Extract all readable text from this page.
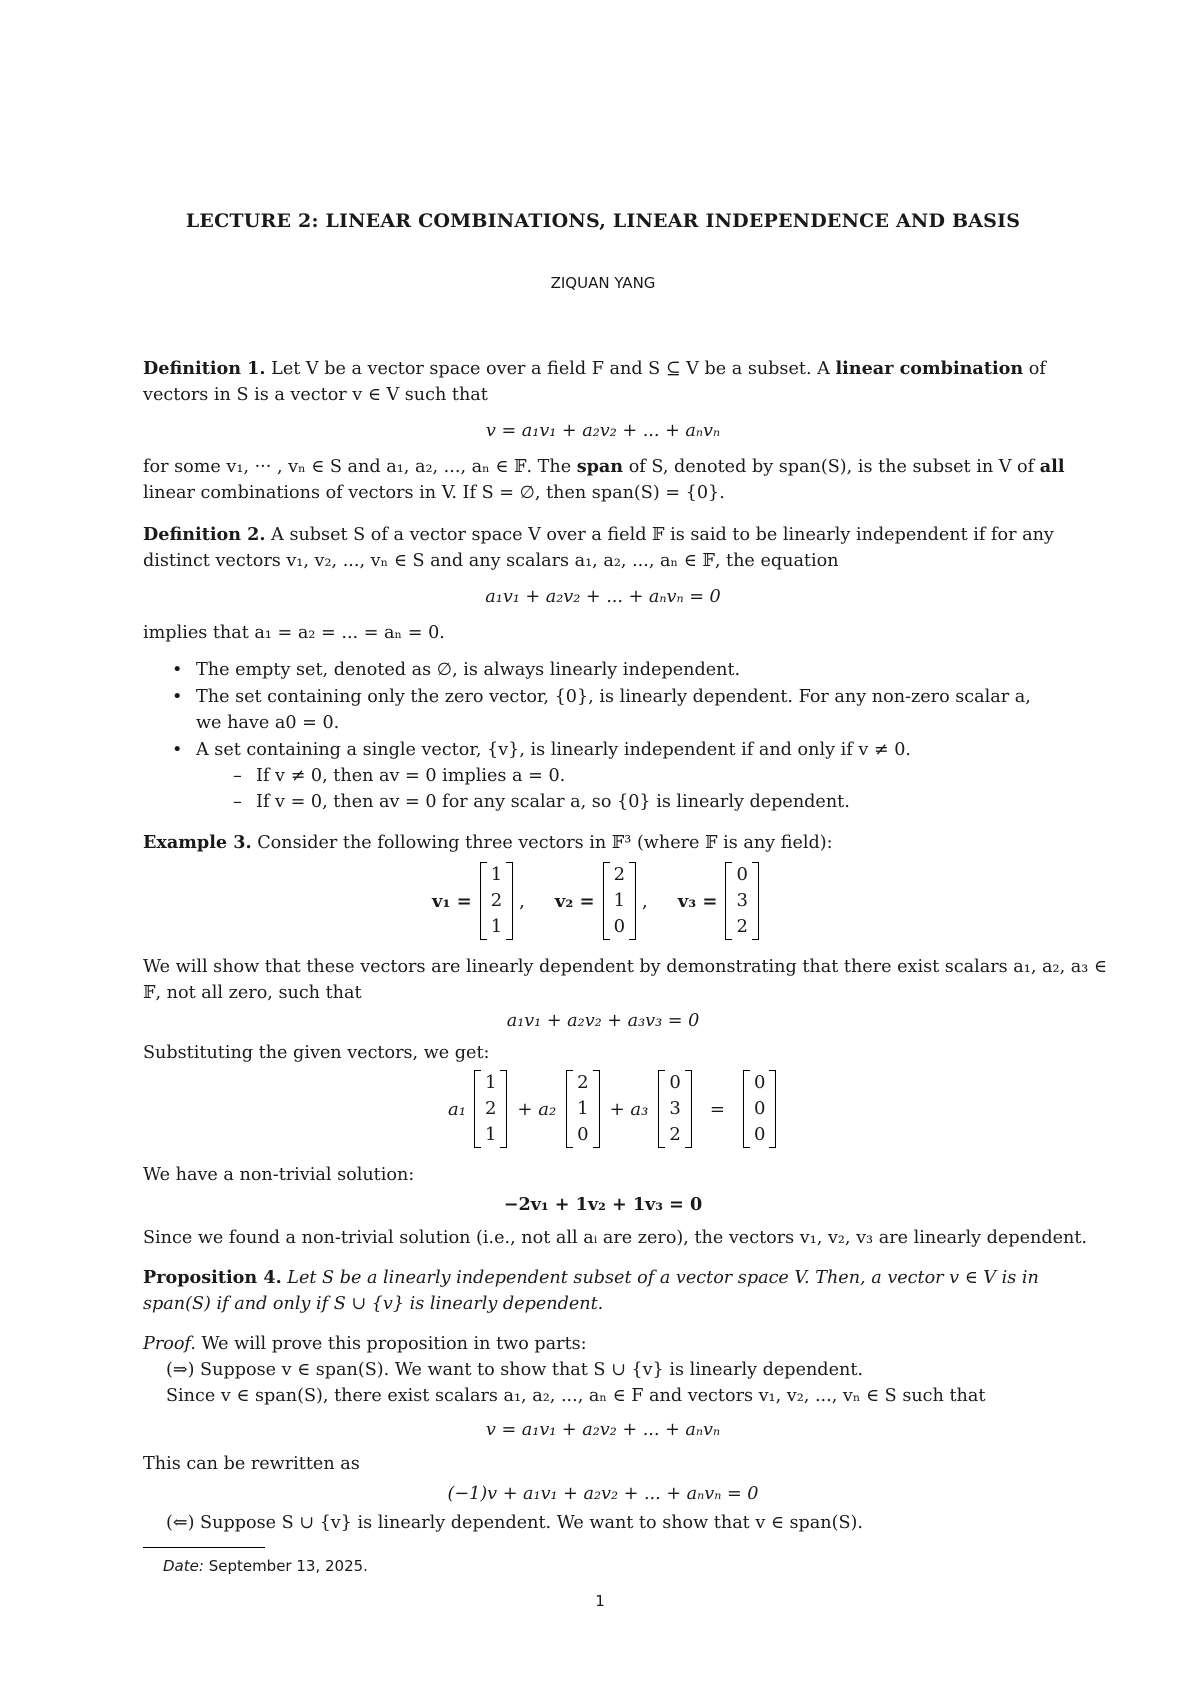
LECTURE 2: LINEAR COMBINATIONS, LINEAR INDEPENDENCE AND BASIS
ZIQUAN YANG
Definition 1. Let V be a vector space over a field F and S ⊆ V be a subset. A linear combination of
vectors in S is a vector v ∈ V such that
v = a₁v₁ + a₂v₂ + ... + aₙvₙ
for some v₁, ··· , vₙ ∈ S and a₁, a₂, ..., aₙ ∈ 𝔽. The span of S, denoted by span(S), is the subset in V of all
linear combinations of vectors in V. If S = ∅, then span(S) = {0}.
Definition 2. A subset S of a vector space V over a field 𝔽 is said to be linearly independent if for any
distinct vectors v₁, v₂, ..., vₙ ∈ S and any scalars a₁, a₂, ..., aₙ ∈ 𝔽, the equation
a₁v₁ + a₂v₂ + ... + aₙvₙ = 0
implies that a₁ = a₂ = ... = aₙ = 0.
• The empty set, denoted as ∅, is always linearly independent.
• The set containing only the zero vector, {0}, is linearly dependent. For any non-zero scalar a,
we have a0 = 0.
• A set containing a single vector, {v}, is linearly independent if and only if v ≠ 0.
– If v ≠ 0, then av = 0 implies a = 0.
– If v = 0, then av = 0 for any scalar a, so {0} is linearly dependent.
Example 3. Consider the following three vectors in 𝔽³ (where 𝔽 is any field):
v₁ =
1
2
1
,	v₂ =
2
1
0
,	v₃ =
0
3
2
We will show that these vectors are linearly dependent by demonstrating that there exist scalars a₁, a₂, a₃ ∈
𝔽, not all zero, such that
a₁v₁ + a₂v₂ + a₃v₃ = 0
Substituting the given vectors, we get:
a₁
1
2
1
+ a₂
2
1
0
+ a₃
0
3
2
=
0
0
0
We have a non-trivial solution:
−2v₁ + 1v₂ + 1v₃ = 0
Since we found a non-trivial solution (i.e., not all aᵢ are zero), the vectors v₁, v₂, v₃ are linearly dependent.
Proposition 4. Let S be a linearly independent subset of a vector space V. Then, a vector v ∈ V is in
span(S) if and only if S ∪ {v} is linearly dependent.
Proof. We will prove this proposition in two parts:
(⇒) Suppose v ∈ span(S). We want to show that S ∪ {v} is linearly dependent.
Since v ∈ span(S), there exist scalars a₁, a₂, ..., aₙ ∈ F and vectors v₁, v₂, ..., vₙ ∈ S such that
v = a₁v₁ + a₂v₂ + ... + aₙvₙ
This can be rewritten as
(−1)v + a₁v₁ + a₂v₂ + ... + aₙvₙ = 0
(⇐) Suppose S ∪ {v} is linearly dependent. We want to show that v ∈ span(S).
Date: September 13, 2025.
1
